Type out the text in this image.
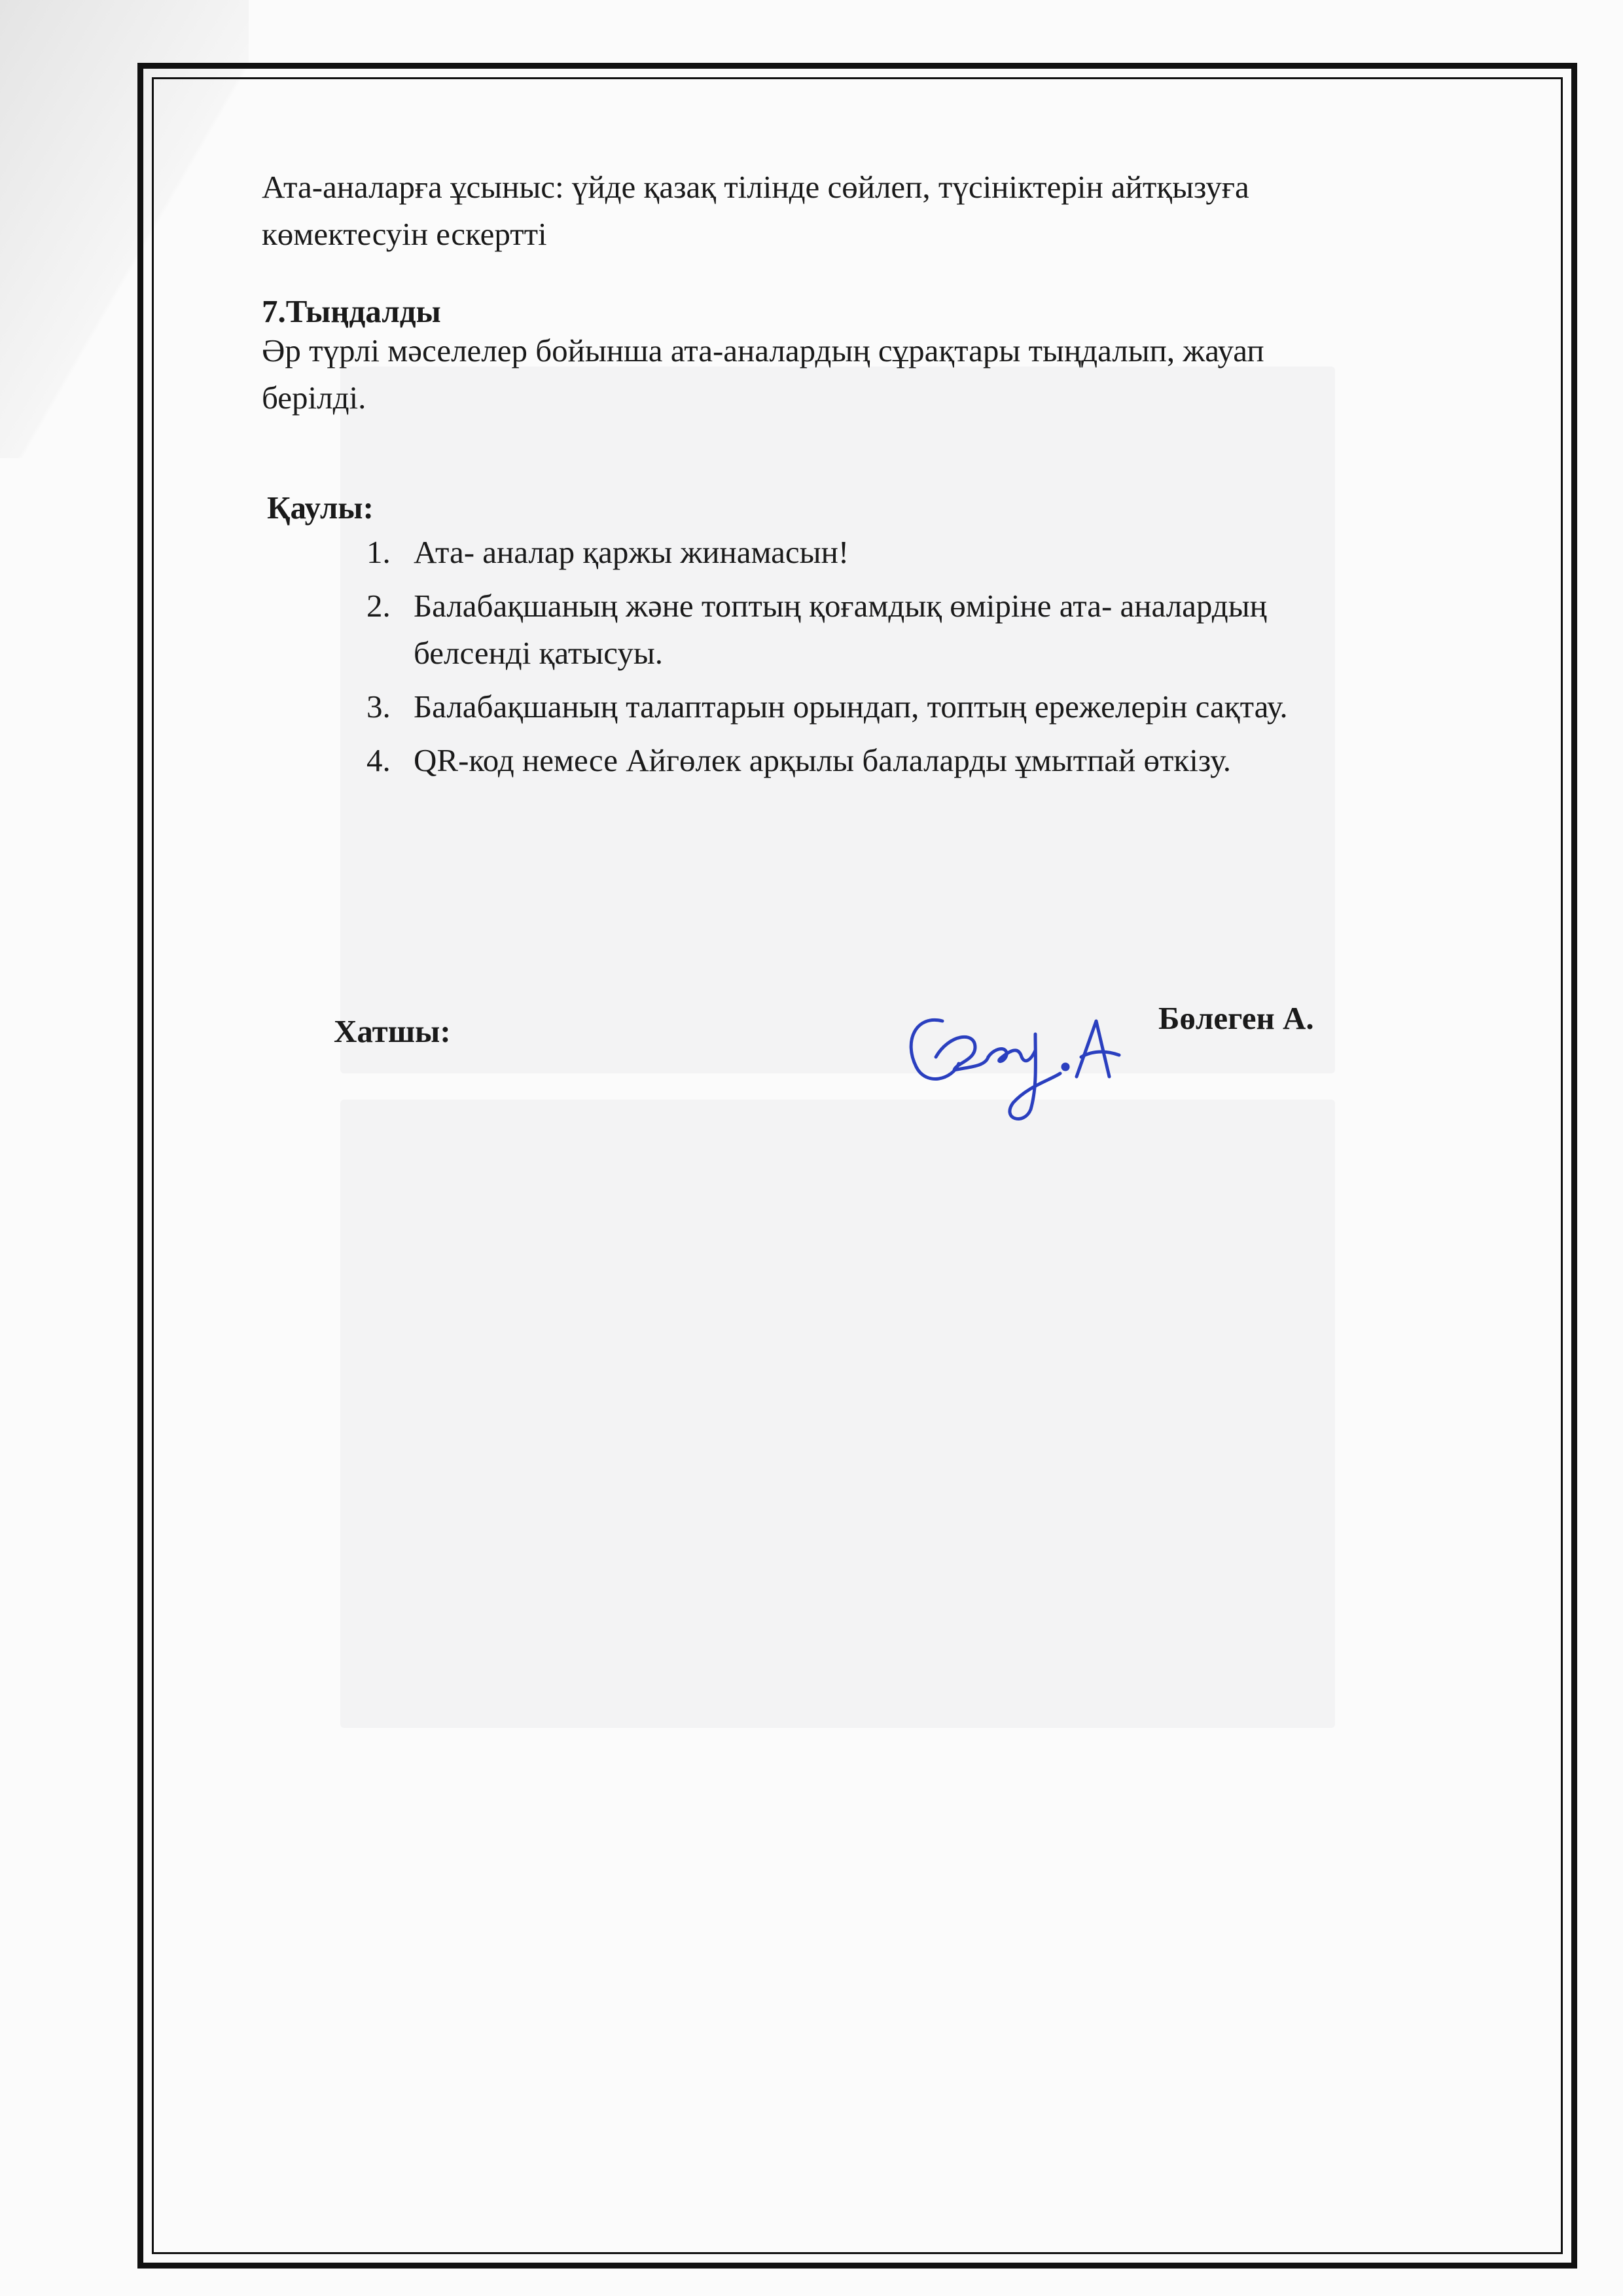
Ата-аналарға ұсыныс: үйде қазақ тілінде сөйлеп, түсініктерін айтқызуға
көмектесуін ескертті
7.Тыңдалды
Әр түрлі мәселелер бойынша ата-аналардың сұрақтары тыңдалып, жауап
берілді.
Қаулы:
1. Ата- аналар қаржы жинамасын!
2. Балабақшаның және топтың қоғамдық өміріне ата- аналардың
белсенді қатысуы.
3. Балабақшаның талаптарын орындап, топтың ережелерін сақтау.
4. QR-код немесе Айгөлек арқылы балаларды ұмытпай өткізу.
Хатшы:	Бөлеген А.
